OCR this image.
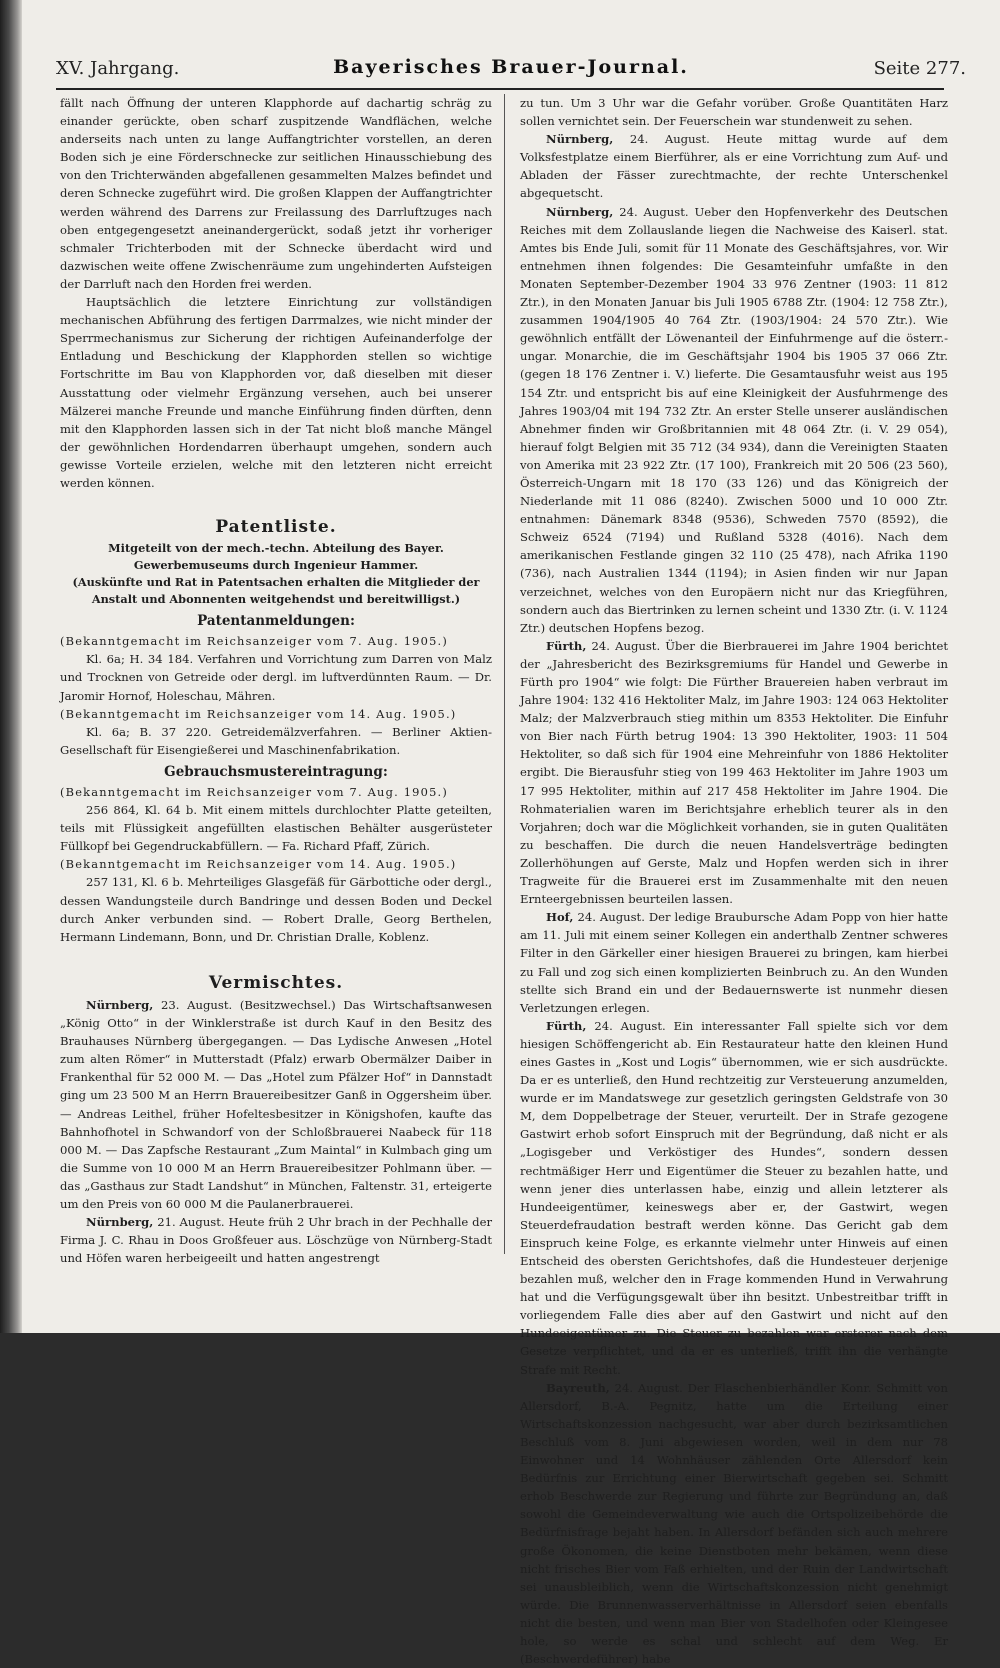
XV. Jahrgang.	Bayerisches Brauer-Journal.	Seite 277.

fällt nach Öffnung der unteren Klapphorde auf dachartig schräg zu einander gerückte, oben scharf zuspitzende Wandflächen, welche anderseits nach unten zu lange Auffangtrichter vorstellen, an deren Boden sich je eine Förderschnecke zur seitlichen Hinausschiebung des von den Trichterwänden abgefallenen gesammelten Malzes befindet und deren Schnecke zugeführt wird. Die großen Klappen der Auffangtrichter werden während des Darrens zur Freilassung des Darrluftzuges nach oben entgegengesetzt aneinandergerückt, sodaß jetzt ihr vorheriger schmaler Trichterboden mit der Schnecke überdacht wird und dazwischen weite offene Zwischenräume zum ungehinderten Aufsteigen der Darrluft nach den Horden frei werden.

Hauptsächlich die letztere Einrichtung zur vollständigen mechanischen Abführung des fertigen Darrmalzes, wie nicht minder der Sperrmechanismus zur Sicherung der richtigen Aufeinanderfolge der Entladung und Beschickung der Klapphorden stellen so wichtige Fortschritte im Bau von Klapphorden vor, daß dieselben mit dieser Ausstattung oder vielmehr Ergänzung versehen, auch bei unserer Mälzerei manche Freunde und manche Einführung finden dürften, denn mit den Klapphorden lassen sich in der Tat nicht bloß manche Mängel der gewöhnlichen Hordendarren überhaupt umgehen, sondern auch gewisse Vorteile erzielen, welche mit den letzteren nicht erreicht werden können.

Patentliste.
Mitgeteilt von der mech.-techn. Abteilung des Bayer. Gewerbemuseums durch Ingenieur Hammer.
(Auskünfte und Rat in Patentsachen erhalten die Mitglieder der Anstalt und Abonnenten weitgehendst und bereitwilligst.)
Patentanmeldungen:

(Bekanntgemacht im Reichsanzeiger vom 7. Aug. 1905.)

Kl. 6a; H. 34 184. Verfahren und Vorrichtung zum Darren von Malz und Trocknen von Getreide oder dergl. im luftverdünnten Raum. — Dr. Jaromir Hornof, Holeschau, Mähren.

(Bekanntgemacht im Reichsanzeiger vom 14. Aug. 1905.)

Kl. 6a; B. 37 220. Getreidemälzverfahren. — Berliner Aktien-Gesellschaft für Eisengießerei und Maschinenfabrikation.

Gebrauchsmustereintragung:

(Bekanntgemacht im Reichsanzeiger vom 7. Aug. 1905.)

256 864, Kl. 64 b. Mit einem mittels durchlochter Platte geteilten, teils mit Flüssigkeit angefüllten elastischen Behälter ausgerüsteter Füllkopf bei Gegendruckabfüllern. — Fa. Richard Pfaff, Zürich.

(Bekanntgemacht im Reichsanzeiger vom 14. Aug. 1905.)

257 131, Kl. 6 b. Mehrteiliges Glasgefäß für Gärbottiche oder dergl., dessen Wandungsteile durch Bandringe und dessen Boden und Deckel durch Anker verbunden sind. — Robert Dralle, Georg Berthelen, Hermann Lindemann, Bonn, und Dr. Christian Dralle, Koblenz.

Vermischtes.

Nürnberg, 23. August. (Besitzwechsel.) Das Wirtschaftsanwesen „König Otto“ in der Winklerstraße ist durch Kauf in den Besitz des Brauhauses Nürnberg übergegangen. — Das Lydische Anwesen „Hotel zum alten Römer“ in Mutterstadt (Pfalz) erwarb Obermälzer Daiber in Frankenthal für 52 000 M. — Das „Hotel zum Pfälzer Hof“ in Dannstadt ging um 23 500 M an Herrn Brauereibesitzer Ganß in Oggersheim über. — Andreas Leithel, früher Hofeltesbesitzer in Königshofen, kaufte das Bahnhofhotel in Schwandorf von der Schloßbrauerei Naabeck für 118 000 M. — Das Zapfsche Restaurant „Zum Maintal“ in Kulmbach ging um die Summe von 10 000 M an Herrn Brauereibesitzer Pohlmann über. — das „Gasthaus zur Stadt Landshut“ in München, Faltenstr. 31, erteigerte um den Preis von 60 000 M die Paulanerbrauerei.

Nürnberg, 21. August. Heute früh 2 Uhr brach in der Pechhalle der Firma J. C. Rhau in Doos Großfeuer aus. Löschzüge von Nürnberg-Stadt und Höfen waren herbeigeeilt und hatten angestrengt

zu tun. Um 3 Uhr war die Gefahr vorüber. Große Quantitäten Harz sollen vernichtet sein. Der Feuerschein war stundenweit zu sehen.

Nürnberg, 24. August. Heute mittag wurde auf dem Volksfestplatze einem Bierführer, als er eine Vorrichtung zum Auf- und Abladen der Fässer zurechtmachte, der rechte Unterschenkel abgequetscht.

Nürnberg, 24. August. Ueber den Hopfenverkehr des Deutschen Reiches mit dem Zollauslande liegen die Nachweise des Kaiserl. stat. Amtes bis Ende Juli, somit für 11 Monate des Geschäftsjahres, vor. Wir entnehmen ihnen folgendes: Die Gesamteinfuhr umfaßte in den Monaten September-Dezember 1904 33 976 Zentner (1903: 11 812 Ztr.), in den Monaten Januar bis Juli 1905 6788 Ztr. (1904: 12 758 Ztr.), zusammen 1904/1905 40 764 Ztr. (1903/1904: 24 570 Ztr.). Wie gewöhnlich entfällt der Löwenanteil der Einfuhrmenge auf die österr.-ungar. Monarchie, die im Geschäftsjahr 1904 bis 1905 37 066 Ztr. (gegen 18 176 Zentner i. V.) lieferte. Die Gesamtausfuhr weist aus 195 154 Ztr. und entspricht bis auf eine Kleinigkeit der Ausfuhrmenge des Jahres 1903/04 mit 194 732 Ztr. An erster Stelle unserer ausländischen Abnehmer finden wir Großbritannien mit 48 064 Ztr. (i. V. 29 054), hierauf folgt Belgien mit 35 712 (34 934), dann die Vereinigten Staaten von Amerika mit 23 922 Ztr. (17 100), Frankreich mit 20 506 (23 560), Österreich-Ungarn mit 18 170 (33 126) und das Königreich der Niederlande mit 11 086 (8240). Zwischen 5000 und 10 000 Ztr. entnahmen: Dänemark 8348 (9536), Schweden 7570 (8592), die Schweiz 6524 (7194) und Rußland 5328 (4016). Nach dem amerikanischen Festlande gingen 32 110 (25 478), nach Afrika 1190 (736), nach Australien 1344 (1194); in Asien finden wir nur Japan verzeichnet, welches von den Europäern nicht nur das Kriegführen, sondern auch das Biertrinken zu lernen scheint und 1330 Ztr. (i. V. 1124 Ztr.) deutschen Hopfens bezog.

Fürth, 24. August. Über die Bierbrauerei im Jahre 1904 berichtet der „Jahresbericht des Bezirksgremiums für Handel und Gewerbe in Fürth pro 1904“ wie folgt: Die Fürther Brauereien haben verbraut im Jahre 1904: 132 416 Hektoliter Malz, im Jahre 1903: 124 063 Hektoliter Malz; der Malzverbrauch stieg mithin um 8353 Hektoliter. Die Einfuhr von Bier nach Fürth betrug 1904: 13 390 Hektoliter, 1903: 11 504 Hektoliter, so daß sich für 1904 eine Mehreinfuhr von 1886 Hektoliter ergibt. Die Bierausfuhr stieg von 199 463 Hektoliter im Jahre 1903 um 17 995 Hektoliter, mithin auf 217 458 Hektoliter im Jahre 1904. Die Rohmaterialien waren im Berichtsjahre erheblich teurer als in den Vorjahren; doch war die Möglichkeit vorhanden, sie in guten Qualitäten zu beschaffen. Die durch die neuen Handelsverträge bedingten Zollerhöhungen auf Gerste, Malz und Hopfen werden sich in ihrer Tragweite für die Brauerei erst im Zusammenhalte mit den neuen Ernteergebnissen beurteilen lassen.

Hof, 24. August. Der ledige Braubursche Adam Popp von hier hatte am 11. Juli mit einem seiner Kollegen ein anderthalb Zentner schweres Filter in den Gärkeller einer hiesigen Brauerei zu bringen, kam hierbei zu Fall und zog sich einen komplizierten Beinbruch zu. An den Wunden stellte sich Brand ein und der Bedauernswerte ist nunmehr diesen Verletzungen erlegen.

Fürth, 24. August. Ein interessanter Fall spielte sich vor dem hiesigen Schöffengericht ab. Ein Restaurateur hatte den kleinen Hund eines Gastes in „Kost und Logis“ übernommen, wie er sich ausdrückte. Da er es unterließ, den Hund rechtzeitig zur Versteuerung anzumelden, wurde er im Mandatswege zur gesetzlich geringsten Geldstrafe von 30 M, dem Doppelbetrage der Steuer, verurteilt. Der in Strafe gezogene Gastwirt erhob sofort Einspruch mit der Begründung, daß nicht er als „Logisgeber und Verköstiger des Hundes“, sondern dessen rechtmäßiger Herr und Eigentümer die Steuer zu bezahlen hatte, und wenn jener dies unterlassen habe, einzig und allein letzterer als Hundeeigentümer, keineswegs aber er, der Gastwirt, wegen Steuerdefraudation bestraft werden könne. Das Gericht gab dem Einspruch keine Folge, es erkannte vielmehr unter Hinweis auf einen Entscheid des obersten Gerichtshofes, daß die Hundesteuer derjenige bezahlen muß, welcher den in Frage kommenden Hund in Verwahrung hat und die Verfügungsgewalt über ihn besitzt. Unbestreitbar trifft in vorliegendem Falle dies aber auf den Gastwirt und nicht auf den Hundeeigentümer zu. Die Steuer zu bezahlen war ersterer nach dem Gesetze verpflichtet, und da er es unterließ, trifft ihn die verhängte Strafe mit Recht.

Bayreuth, 24. August. Der Flaschenbierhändler Konr. Schmitt von Allersdorf, B.-A. Pegnitz, hatte um die Erteilung einer Wirtschaftskonzession nachgesucht, war aber durch bezirksamtlichen Beschluß vom 8. Juni abgewiesen worden, weil in dem nur 78 Einwohner und 14 Wohnhäuser zählenden Orte Allersdorf kein Bedürfnis zur Errichtung einer Bierwirtschaft gegeben sei. Schmitt erhob Beschwerde zur Regierung und führte zur Begründung an, daß sowohl die Gemeindeverwaltung wie auch die Ortspolizeibehörde die Bedürfnisfrage bejaht haben. In Allersdorf befänden sich auch mehrere große Ökonomen, die keine Dienstboten mehr bekämen, wenn diese nicht frisches Bier vom Faß erhielten, und der Ruin der Landwirtschaft sei unausbleiblich, wenn die Wirtschaftskonzession nicht genehmigt würde. Die Brunnenwasserverhältnisse in Allersdorf seien ebenfalls nicht die besten, und wenn man Bier von Stadelhofen oder Kleingesee hole, so werde es schal und schlecht auf dem Weg. Er (Beschwerdeführer) habe
